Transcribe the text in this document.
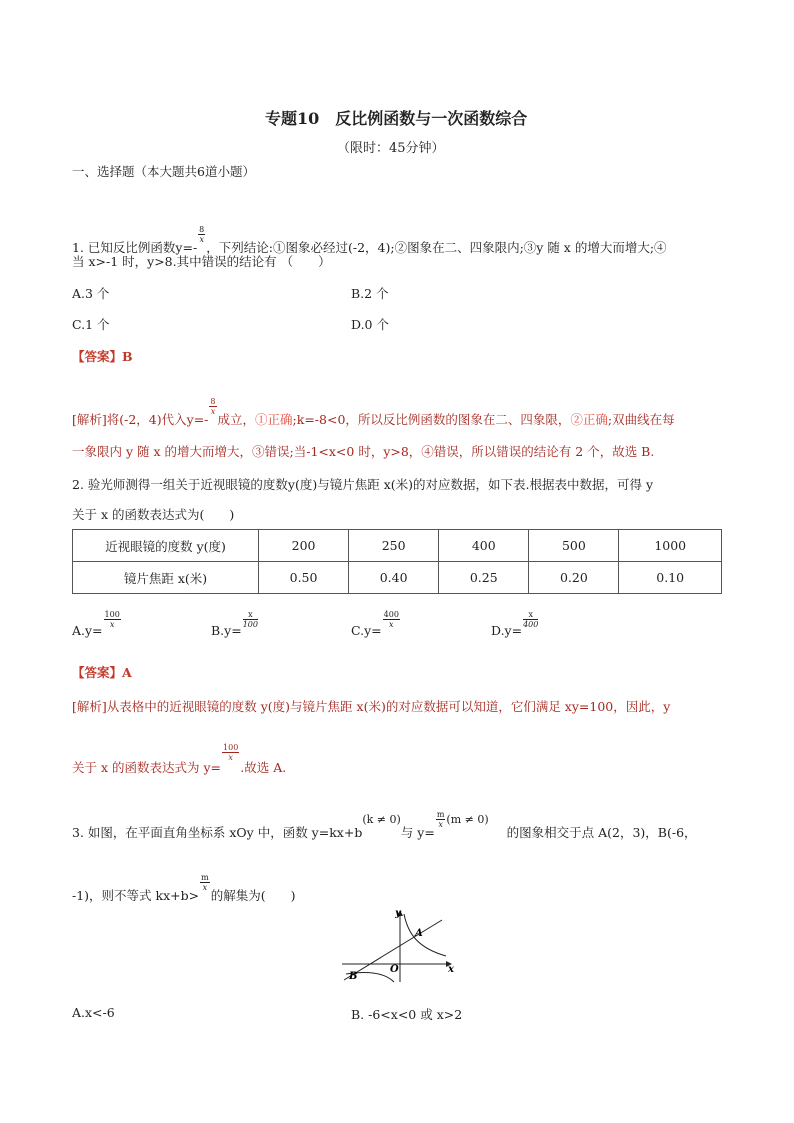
专题10　反比例函数与一次函数综合
（限时：45分钟）
一、选择题（本大题共6道小题）
1. 已知反比例函数y=-
$\frac{8}{x}$
，下列结论:①图象必经过(-2，4);②图象在二、四象限内;③y 随 x 的增大而增大;④
当 x>-1 时，y>8.其中错误的结论有 （　　）
A.3 个	B.2 个
C.1 个	D.0 个
【答案】B
[解析]将(-2，4)代入y=-
$\frac{8}{x}$
成立，①正确;k=-8<0，所以反比例函数的图象在二、四象限，②正确;双曲线在每
一象限内 y 随 x 的增大而增大，③错误;当-1<x<0 时，y>8，④错误，所以错误的结论有 2 个，故选 B.
2. 验光师测得一组关于近视眼镜的度数y(度)与镜片焦距 x(米)的对应数据，如下表.根据表中数据，可得 y
关于 x 的函数表达式为(　　)
近视眼镜的度数 y(度)	200	250	400	500	1000
镜片焦距 x(米)	0.50	0.40	0.25	0.20	0.10
A.y=
$\frac{100}{x}$
B.y=
$\frac{x}{100}$
C.y=
$\frac{400}{x}$
D.y=
$\frac{x}{400}$
【答案】A
[解析]从表格中的近视眼镜的度数 y(度)与镜片焦距 x(米)的对应数据可以知道，它们满足 xy=100，因此，y
关于 x 的函数表达式为 y=
$\frac{100}{x}$
.故选 A.
3. 如图，在平面直角坐标系 xOy 中，函数 y=kx+b(k ≠ 0)与 y=
$\frac{m}{x} (m \ne 0)$的图象相交于点 A(2，3)，B(-6，
-1)，则不等式 kx+b>
$\frac{m}{x}$
的解集为(　　)
y
x
O
A
B
A.x<-6	B. -6<x<0 或 x>2
